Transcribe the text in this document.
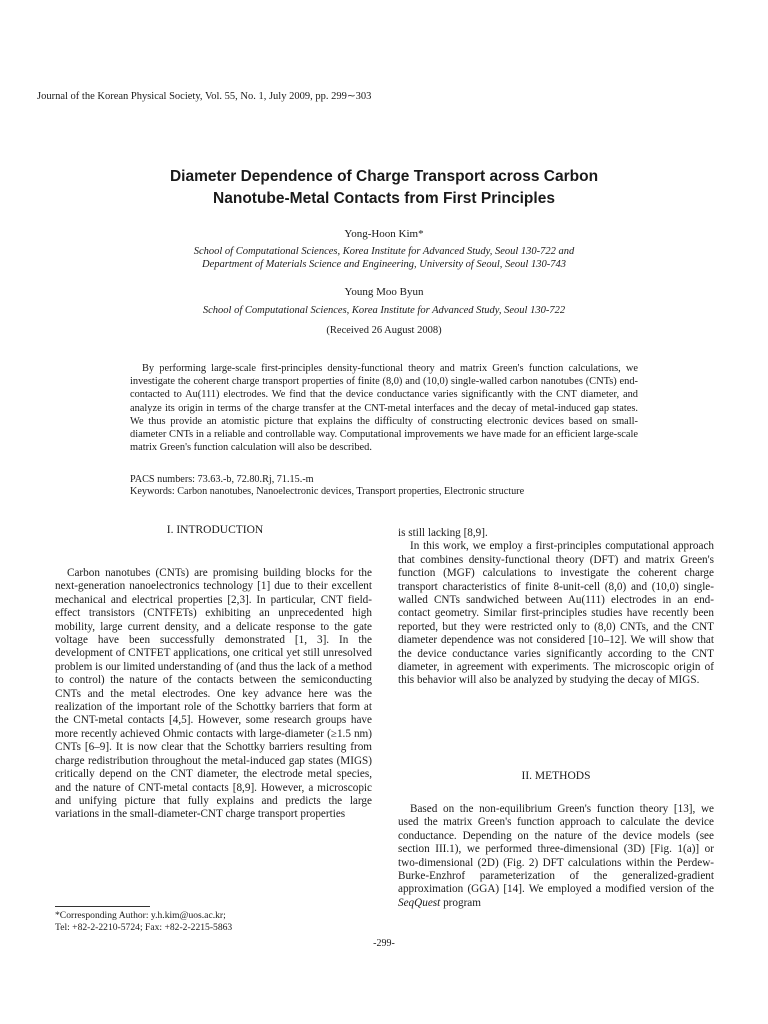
Journal of the Korean Physical Society, Vol. 55, No. 1, July 2009, pp. 299∼303
Diameter Dependence of Charge Transport across Carbon
Nanotube-Metal Contacts from First Principles
Yong-Hoon Kim*
School of Computational Sciences, Korea Institute for Advanced Study, Seoul 130-722 and
Department of Materials Science and Engineering, University of Seoul, Seoul 130-743
Young Moo Byun
School of Computational Sciences, Korea Institute for Advanced Study, Seoul 130-722
(Received 26 August 2008)
By performing large-scale first-principles density-functional theory and matrix Green's function calculations, we investigate the coherent charge transport properties of finite (8,0) and (10,0) single-walled carbon nanotubes (CNTs) end-contacted to Au(111) electrodes. We find that the device conductance varies significantly with the CNT diameter, and analyze its origin in terms of the charge transfer at the CNT-metal interfaces and the decay of metal-induced gap states. We thus provide an atomistic picture that explains the difficulty of constructing electronic devices based on small-diameter CNTs in a reliable and controllable way. Computational improvements we have made for an efficient large-scale matrix Green's function calculation will also be described.
PACS numbers: 73.63.-b, 72.80.Rj, 71.15.-m
Keywords: Carbon nanotubes, Nanoelectronic devices, Transport properties, Electronic structure
I. INTRODUCTION

Carbon nanotubes (CNTs) are promising building blocks for the next-generation nanoelectronics technology [1] due to their excellent mechanical and electrical properties [2,3]. In particular, CNT field-effect transistors (CNTFETs) exhibiting an unprecedented high mobility, large current density, and a delicate response to the gate voltage have been successfully demonstrated [1, 3]. In the development of CNTFET applications, one critical yet still unresolved problem is our limited understanding of (and thus the lack of a method to control) the nature of the contacts between the semiconducting CNTs and the metal electrodes. One key advance here was the realization of the important role of the Schottky barriers that form at the CNT-metal contacts [4,5]. However, some research groups have more recently achieved Ohmic contacts with large-diameter (≥1.5 nm) CNTs [6–9]. It is now clear that the Schottky barriers resulting from charge redistribution throughout the metal-induced gap states (MIGS) critically depend on the CNT diameter, the electrode metal species, and the nature of CNT-metal contacts [8,9]. However, a microscopic and unifying picture that fully explains and predicts the large variations in the small-diameter-CNT charge transport properties

is still lacking [8,9].

In this work, we employ a first-principles computational approach that combines density-functional theory (DFT) and matrix Green's function (MGF) calculations to investigate the coherent charge transport characteristics of finite 8-unit-cell (8,0) and (10,0) single-walled CNTs sandwiched between Au(111) electrodes in an end-contact geometry. Similar first-principles studies have recently been reported, but they were restricted only to (8,0) CNTs, and the CNT diameter dependence was not considered [10–12]. We will show that the device conductance varies significantly according to the CNT diameter, in agreement with experiments. The microscopic origin of this behavior will also be analyzed by studying the decay of MIGS.

II. METHODS

Based on the non-equilibrium Green's function theory [13], we used the matrix Green's function approach to calculate the device conductance. Depending on the nature of the device models (see section III.1), we performed three-dimensional (3D) [Fig. 1(a)] or two-dimensional (2D) (Fig. 2) DFT calculations within the Perdew-Burke-Enzhrof parameterization of the generalized-gradient approximation (GGA) [14]. We employed a modified version of the SeqQuest program

*Corresponding Author: y.h.kim@uos.ac.kr;
Tel: +82-2-2210-5724; Fax: +82-2-2215-5863
-299-
